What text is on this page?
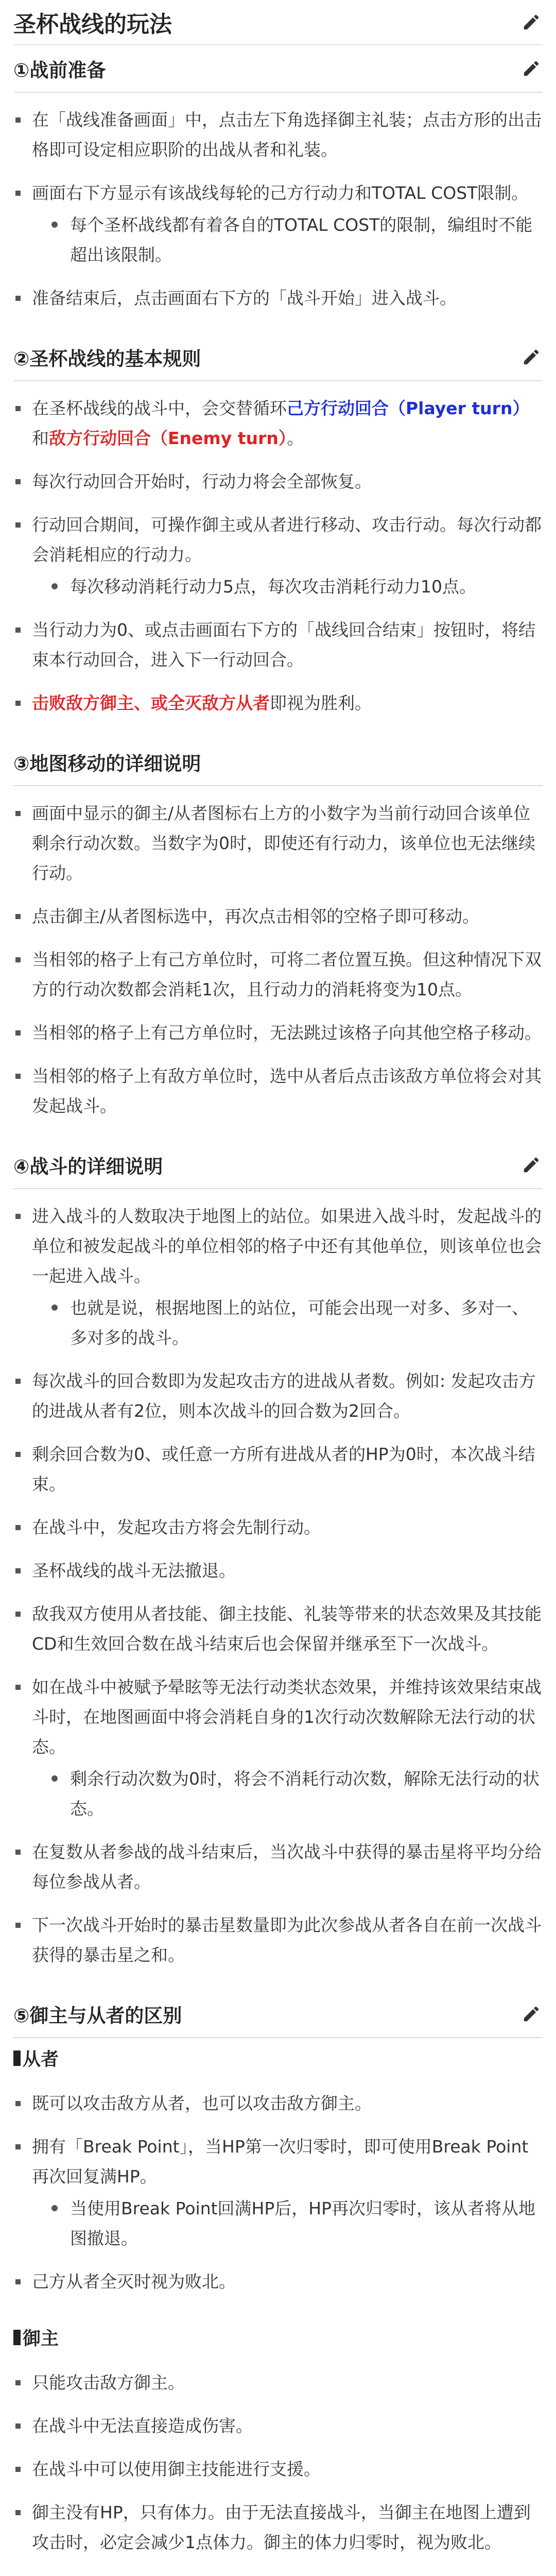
圣杯战线的玩法
①战前准备
在「战线准备画面」中，点击左下角选择御主礼装；点击方形的出击格即可设定相应职阶的出战从者和礼装。
画面右下方显示有该战线每轮的己方行动力和TOTAL COST限制。
每个圣杯战线都有着各自的TOTAL COST的限制，编组时不能超出该限制。
准备结束后，点击画面右下方的「战斗开始」进入战斗。
②圣杯战线的基本规则
在圣杯战线的战斗中，会交替循环己方行动回合（Player turn）和敌方行动回合（Enemy turn）。
每次行动回合开始时，行动力将会全部恢复。
行动回合期间，可操作御主或从者进行移动、攻击行动。每次行动都会消耗相应的行动力。
每次移动消耗行动力5点，每次攻击消耗行动力10点。
当行动力为0、或点击画面右下方的「战线回合结束」按钮时，将结束本行动回合，进入下一行动回合。
击败敌方御主、或全灭敌方从者即视为胜利。
③地图移动的详细说明
画面中显示的御主/从者图标右上方的小数字为当前行动回合该单位剩余行动次数。当数字为0时，即使还有行动力，该单位也无法继续行动。
点击御主/从者图标选中，再次点击相邻的空格子即可移动。
当相邻的格子上有己方单位时，可将二者位置互换。但这种情况下双方的行动次数都会消耗1次，且行动力的消耗将变为10点。
当相邻的格子上有己方单位时，无法跳过该格子向其他空格子移动。
当相邻的格子上有敌方单位时，选中从者后点击该敌方单位将会对其发起战斗。
④战斗的详细说明
进入战斗的人数取决于地图上的站位。如果进入战斗时，发起战斗的单位和被发起战斗的单位相邻的格子中还有其他单位，则该单位也会一起进入战斗。
也就是说，根据地图上的站位，可能会出现一对多、多对一、多对多的战斗。
每次战斗的回合数即为发起攻击方的进战从者数。例如: 发起攻击方的进战从者有2位，则本次战斗的回合数为2回合。
剩余回合数为0、或任意一方所有进战从者的HP为0时，本次战斗结束。
在战斗中，发起攻击方将会先制行动。
圣杯战线的战斗无法撤退。
敌我双方使用从者技能、御主技能、礼装等带来的状态效果及其技能CD和生效回合数在战斗结束后也会保留并继承至下一次战斗。
如在战斗中被赋予晕眩等无法行动类状态效果，并维持该效果结束战斗时，在地图画面中将会消耗自身的1次行动次数解除无法行动的状态。
剩余行动次数为0时，将会不消耗行动次数，解除无法行动的状态。
在复数从者参战的战斗结束后，当次战斗中获得的暴击星将平均分给每位参战从者。
下一次战斗开始时的暴击星数量即为此次参战从者各自在前一次战斗获得的暴击星之和。
⑤御主与从者的区别
从者
既可以攻击敌方从者，也可以攻击敌方御主。
拥有「Break Point」，当HP第一次归零时，即可使用Break Point再次回复满HP。
当使用Break Point回满HP后，HP再次归零时，该从者将从地图撤退。
己方从者全灭时视为败北。
御主
只能攻击敌方御主。
在战斗中无法直接造成伤害。
在战斗中可以使用御主技能进行支援。
御主没有HP，只有体力。由于无法直接战斗，当御主在地图上遭到攻击时，必定会减少1点体力。御主的体力归零时，视为败北。
